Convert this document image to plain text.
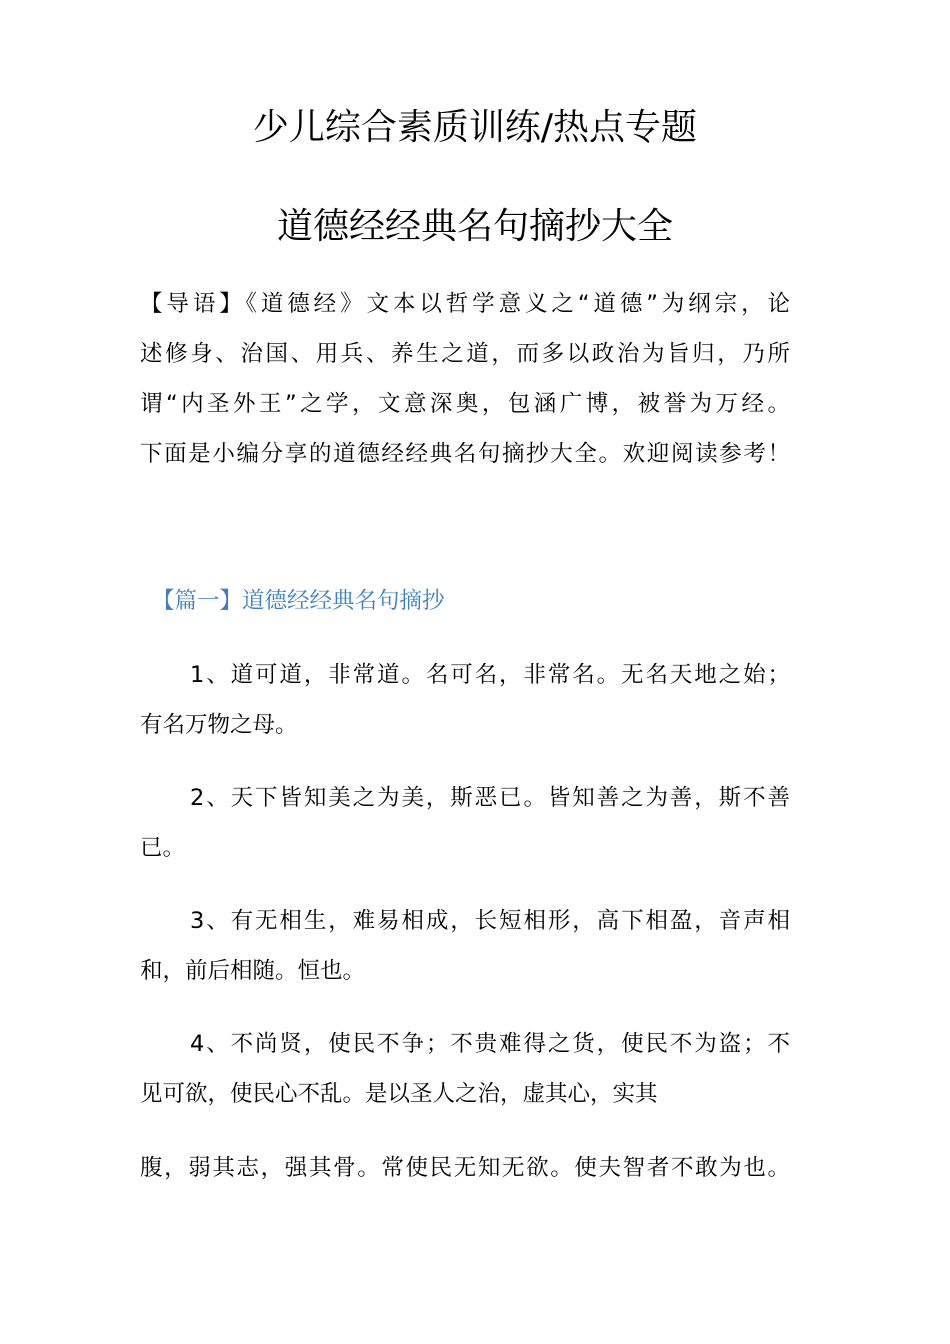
少儿综合素质训练/热点专题
道德经经典名句摘抄大全
【导语】《道德经》文本以哲学意义之“道德”为纲宗，论
述修身、治国、用兵、养生之道，而多以政治为旨归，乃所
谓“内圣外王”之学，文意深奥，包涵广博，被誉为万经。
下面是小编分享的道德经经典名句摘抄大全。欢迎阅读参考！
【篇一】道德经经典名句摘抄
1、道可道，非常道。名可名，非常名。无名天地之始；
有名万物之母。
2、天下皆知美之为美，斯恶已。皆知善之为善，斯不善
已。
3、有无相生，难易相成，长短相形，高下相盈，音声相
和，前后相随。恒也。
4、不尚贤，使民不争；不贵难得之货，使民不为盗；不
见可欲，使民心不乱。是以圣人之治，虚其心，实其
腹，弱其志，强其骨。常使民无知无欲。使夫智者不敢为也。
